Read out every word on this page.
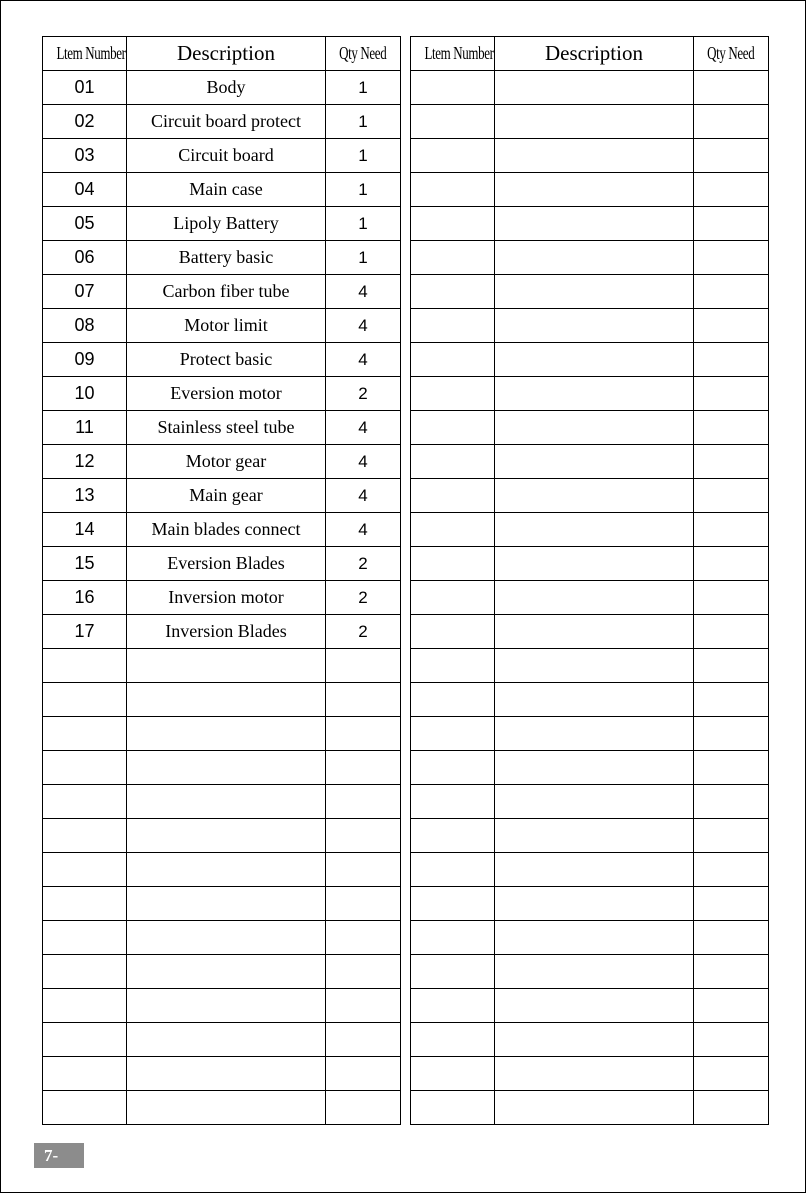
Ltem Number	Description	Qty Need
01	Body	1
02	Circuit board protect	1
03	Circuit board	1
04	Main case	1
05	Lipoly Battery	1
06	Battery basic	1
07	Carbon fiber tube	4
08	Motor limit	4
09	Protect basic	4
10	Eversion motor	2
11	Stainless steel tube	4
12	Motor gear	4
13	Main gear	4
14	Main blades connect	4
15	Eversion Blades	2
16	Inversion motor	2
17	Inversion Blades	2

Ltem Number	Description	Qty Need

7-
